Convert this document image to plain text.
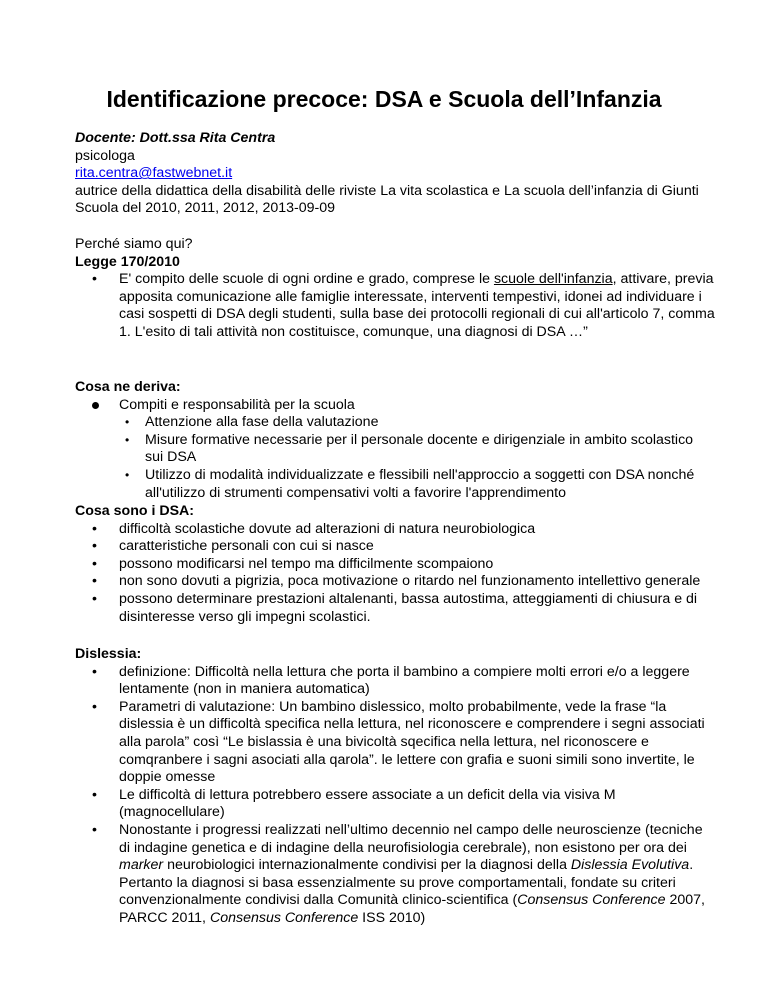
Identificazione precoce: DSA e Scuola dell’Infanzia
Docente: Dott.ssa Rita Centra
psicologa
rita.centra@fastwebnet.it
autrice della didattica della disabilità delle riviste La vita scolastica e La scuola dell’infanzia di Giunti Scuola del 2010, 2011, 2012, 2013-09-09
Perché siamo qui?
Legge 170/2010
• E' compito delle scuole di ogni ordine e grado, comprese le scuole dell'infanzia, attivare, previa apposita comunicazione alle famiglie interessate, interventi tempestivi, idonei ad individuare i casi sospetti di DSA degli studenti, sulla base dei protocolli regionali di cui all'articolo 7, comma 1. L'esito di tali attività non costituisce, comunque, una diagnosi di DSA …”
Cosa ne deriva:
Compiti e responsabilità per la scuola
• Attenzione alla fase della valutazione
• Misure formative necessarie per il personale docente e dirigenziale in ambito scolastico sui DSA
• Utilizzo di modalità individualizzate e flessibili nell'approccio a soggetti con DSA nonché all'utilizzo di strumenti compensativi volti a favorire l'apprendimento
Cosa sono i DSA:
• difficoltà scolastiche dovute ad alterazioni di natura neurobiologica
• caratteristiche personali con cui si nasce
• possono modificarsi nel tempo ma difficilmente scompaiono
• non sono dovuti a pigrizia, poca motivazione o ritardo nel funzionamento intellettivo generale
• possono determinare prestazioni altalenanti, bassa autostima, atteggiamenti di chiusura e di disinteresse verso gli impegni scolastici.
Dislessia:
• definizione: Difficoltà nella lettura che porta il bambino a compiere molti errori e/o a leggere lentamente (non in maniera automatica)
• Parametri di valutazione: Un bambino dislessico, molto probabilmente, vede la frase “la dislessia è un difficoltà specifica nella lettura, nel riconoscere e comprendere i segni associati alla parola” così “Le bislassia è una bivicoltà sqecifica nella lettura, nel riconoscere e comqranbere i sagni asociati alla qarola”. le lettere con grafia e suoni simili sono invertite, le doppie omesse
• Le difficoltà di lettura potrebbero essere associate a un deficit della via visiva M (magnocellulare)
• Nonostante i progressi realizzati nell’ultimo decennio nel campo delle neuroscienze (tecniche di indagine genetica e di indagine della neurofisiologia cerebrale), non esistono per ora dei marker neurobiologici internazionalmente condivisi per la diagnosi della Dislessia Evolutiva. Pertanto la diagnosi si basa essenzialmente su prove comportamentali, fondate su criteri convenzionalmente condivisi dalla Comunità clinico-scientifica (Consensus Conference 2007, PARCC 2011, Consensus Conference ISS 2010)
